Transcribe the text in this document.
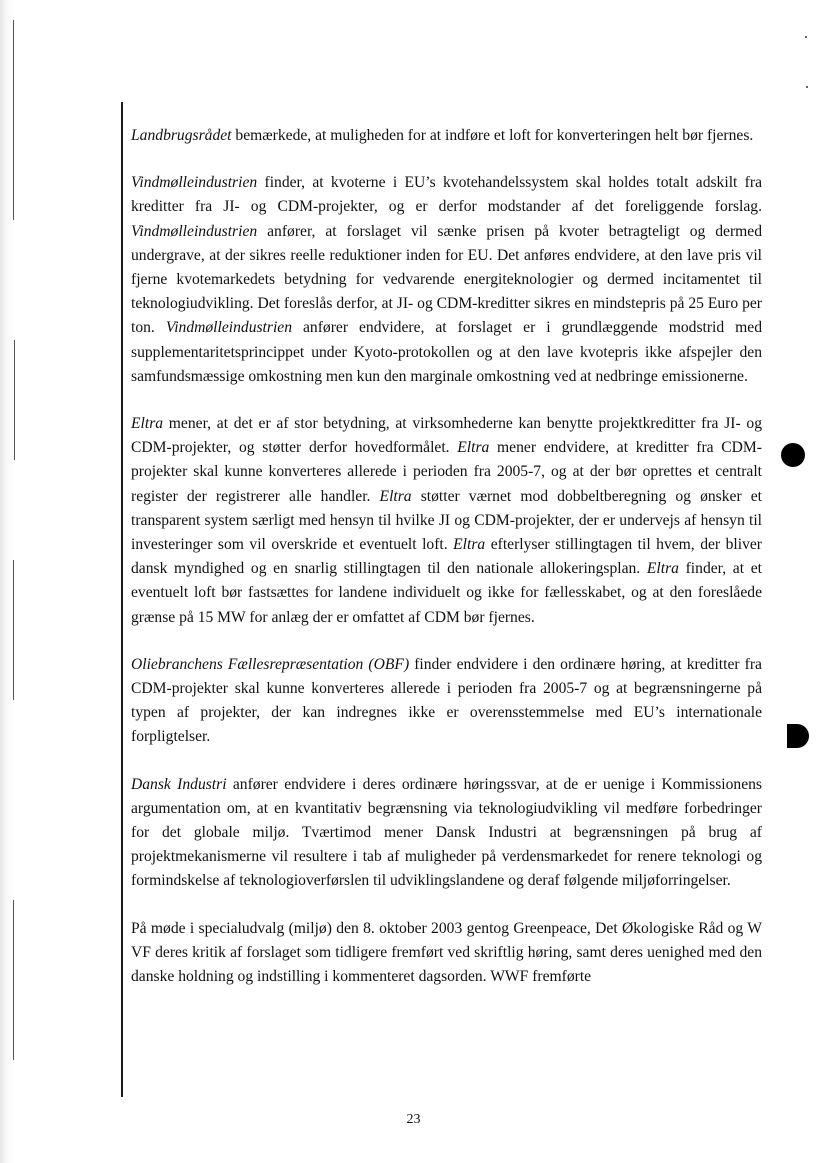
Landbrugsrådet bemærkede, at muligheden for at indføre et loft for konverteringen helt bør fjernes.

Vindmølleindustrien finder, at kvoterne i EU’s kvotehandelssystem skal holdes totalt adskilt fra kreditter fra JI- og CDM-projekter, og er derfor modstander af det foreliggende forslag. Vindmølleindustrien anfører, at forslaget vil sænke prisen på kvoter betragteligt og dermed undergrave, at der sikres reelle reduktioner inden for EU. Det anføres endvidere, at den lave pris vil fjerne kvotemarkedets betydning for vedvarende energiteknologier og dermed incitamentet til teknologiudvikling. Det foreslås derfor, at JI- og CDM-kreditter sikres en mindstepris på 25 Euro per ton. Vindmølleindustrien anfører endvidere, at forslaget er i grundlæggende modstrid med supplementaritetsprincippet under Kyoto-protokollen og at den lave kvotepris ikke afspejler den samfundsmæssige omkostning men kun den marginale omkostning ved at nedbringe emissionerne.

Eltra mener, at det er af stor betydning, at virksomhederne kan benytte projektkreditter fra JI- og CDM-projekter, og støtter derfor hovedformålet. Eltra mener endvidere, at kreditter fra CDM-projekter skal kunne konverteres allerede i perioden fra 2005-7, og at der bør oprettes et centralt register der registrerer alle handler. Eltra støtter værnet mod dobbeltberegning og ønsker et transparent system særligt med hensyn til hvilke JI og CDM-projekter, der er undervejs af hensyn til investeringer som vil overskride et eventuelt loft. Eltra efterlyser stillingtagen til hvem, der bliver dansk myndighed og en snarlig stillingtagen til den nationale allokeringsplan. Eltra finder, at et eventuelt loft bør fastsættes for landene individuelt og ikke for fællesskabet, og at den foreslåede grænse på 15 MW for anlæg der er omfattet af CDM bør fjernes.

Oliebranchens Fællesrepræsentation (OBF) finder endvidere i den ordinære høring, at kreditter fra CDM-projekter skal kunne konverteres allerede i perioden fra 2005-7 og at begrænsningerne på typen af projekter, der kan indregnes ikke er overensstemmelse med EU’s internationale forpligtelser.

Dansk Industri anfører endvidere i deres ordinære høringssvar, at de er uenige i Kommissionens argumentation om, at en kvantitativ begrænsning via teknologiudvikling vil medføre forbedringer for det globale miljø. Tværtimod mener Dansk Industri at begrænsningen på brug af projektmekanismerne vil resultere i tab af muligheder på verdensmarkedet for renere teknologi og formindskelse af teknologioverførslen til udviklingslandene og deraf følgende miljøforringelser.

På møde i specialudvalg (miljø) den 8. oktober 2003 gentog Greenpeace, Det Økologiske Råd og W VF deres kritik af forslaget som tidligere fremført ved skriftlig høring, samt deres uenighed med den danske holdning og indstilling i kommenteret dagsorden. WWF fremførte

23
